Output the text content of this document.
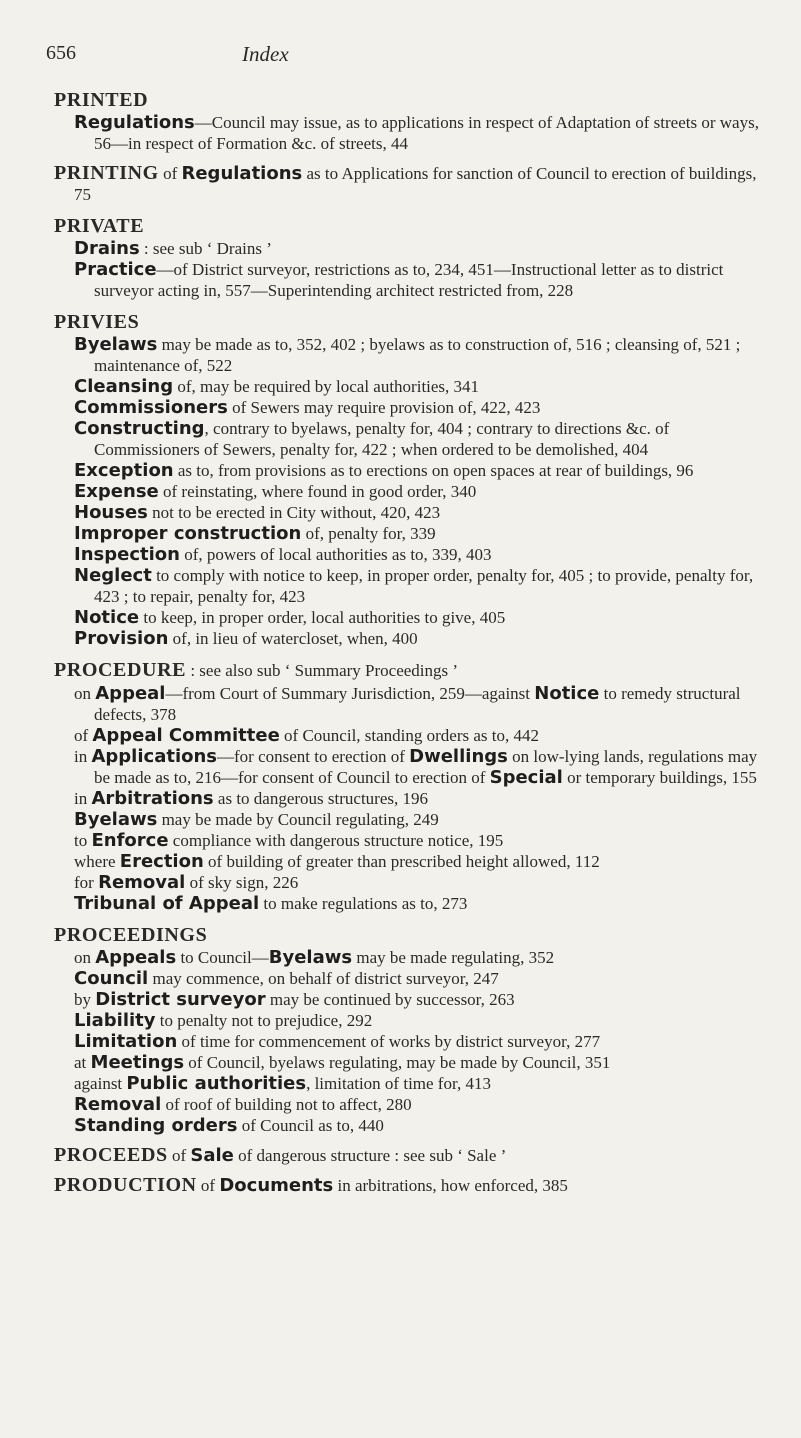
656	Index
PRINTED
Regulations—Council may issue, as to applications in respect of Adaptation of streets or ways, 56—in respect of Formation &c. of streets, 44
PRINTING of Regulations as to Applications for sanction of Council to erection of buildings, 75
PRIVATE
Drains : see sub ‘ Drains ’
Practice—of District surveyor, restrictions as to, 234, 451—Instructional letter as to district surveyor acting in, 557—Superintending architect restricted from, 228
PRIVIES
Byelaws may be made as to, 352, 402 ; byelaws as to construction of, 516 ; cleansing of, 521 ; maintenance of, 522
Cleansing of, may be required by local authorities, 341
Commissioners of Sewers may require provision of, 422, 423
Constructing, contrary to byelaws, penalty for, 404 ; contrary to directions &c. of Commissioners of Sewers, penalty for, 422 ; when ordered to be demolished, 404
Exception as to, from provisions as to erections on open spaces at rear of buildings, 96
Expense of reinstating, where found in good order, 340
Houses not to be erected in City without, 420, 423
Improper construction of, penalty for, 339
Inspection of, powers of local authorities as to, 339, 403
Neglect to comply with notice to keep, in proper order, penalty for, 405 ; to provide, penalty for, 423 ; to repair, penalty for, 423
Notice to keep, in proper order, local authorities to give, 405
Provision of, in lieu of watercloset, when, 400
PROCEDURE : see also sub ‘ Summary Proceedings ’
on Appeal—from Court of Summary Jurisdiction, 259—against Notice to remedy structural defects, 378
of Appeal Committee of Council, standing orders as to, 442
in Applications—for consent to erection of Dwellings on low-lying lands, regulations may be made as to, 216—for consent of Council to erection of Special or temporary buildings, 155
in Arbitrations as to dangerous structures, 196
Byelaws may be made by Council regulating, 249
to Enforce compliance with dangerous structure notice, 195
where Erection of building of greater than prescribed height allowed, 112
for Removal of sky sign, 226
Tribunal of Appeal to make regulations as to, 273
PROCEEDINGS
on Appeals to Council—Byelaws may be made regulating, 352
Council may commence, on behalf of district surveyor, 247
by District surveyor may be continued by successor, 263
Liability to penalty not to prejudice, 292
Limitation of time for commencement of works by district surveyor, 277
at Meetings of Council, byelaws regulating, may be made by Council, 351
against Public authorities, limitation of time for, 413
Removal of roof of building not to affect, 280
Standing orders of Council as to, 440
PROCEEDS of Sale of dangerous structure : see sub ‘ Sale ’
PRODUCTION of Documents in arbitrations, how enforced, 385
